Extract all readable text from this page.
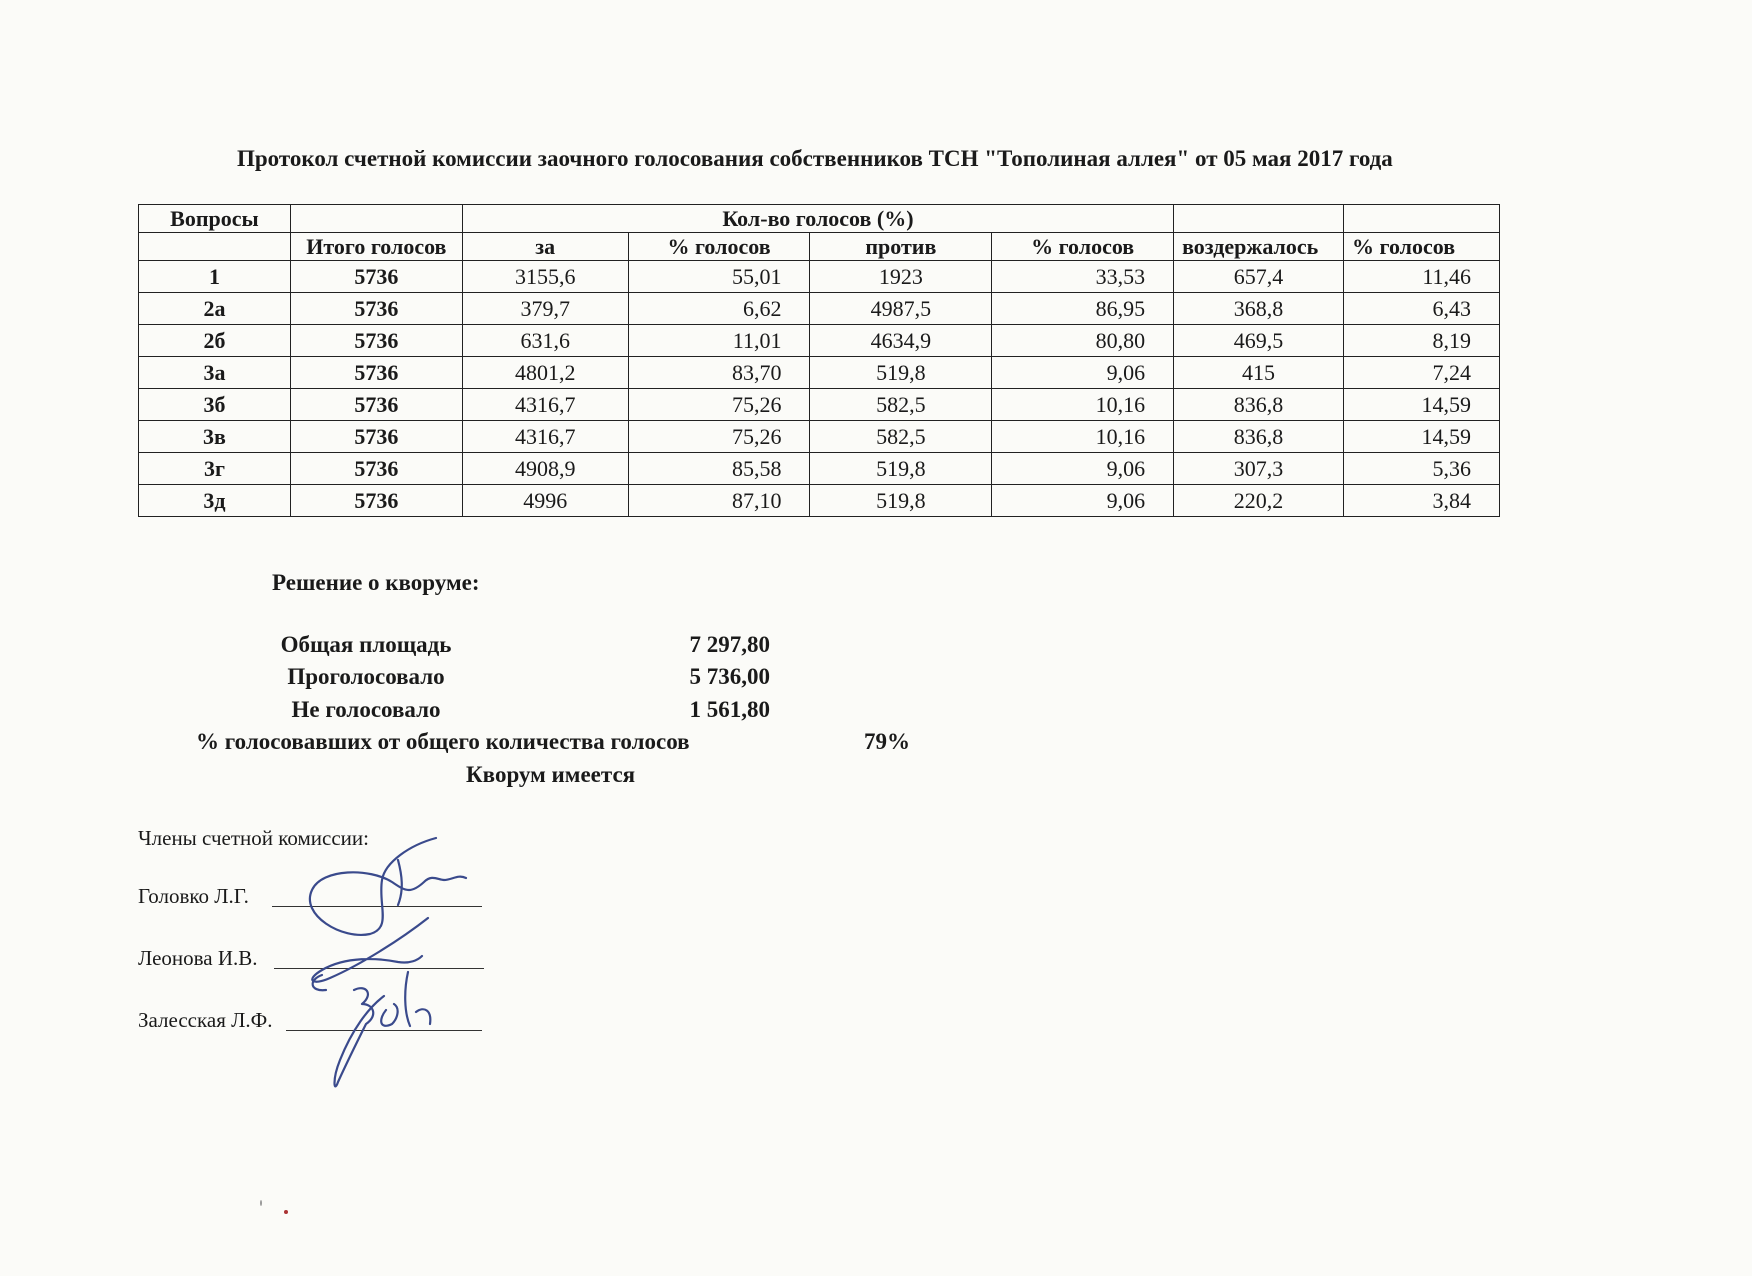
Протокол счетной комиссии заочного голосования собственников ТСН "Тополиная аллея" от 05 мая 2017 года
Вопросы		Кол-во голосов (%)					
	Итого голосов	за	% голосов	против	% голосов	воздержалось	% голосов
1	5736	3155,6	55,01	1923	33,53	657,4	11,46
2а	5736	379,7	6,62	4987,5	86,95	368,8	6,43
2б	5736	631,6	11,01	4634,9	80,80	469,5	8,19
3а	5736	4801,2	83,70	519,8	9,06	415	7,24
3б	5736	4316,7	75,26	582,5	10,16	836,8	14,59
3в	5736	4316,7	75,26	582,5	10,16	836,8	14,59
3г	5736	4908,9	85,58	519,8	9,06	307,3	5,36
3д	5736	4996	87,10	519,8	9,06	220,2	3,84
Решение о кворуме:
Общая площадь	7 297,80
Проголосовало	5 736,00
Не голосовало	1 561,80
% голосовавших от общего количества голосов	79%
Кворум имеется
Члены счетной комиссии:
Головко Л.Г.
Леонова И.В.
Залесская Л.Ф.
